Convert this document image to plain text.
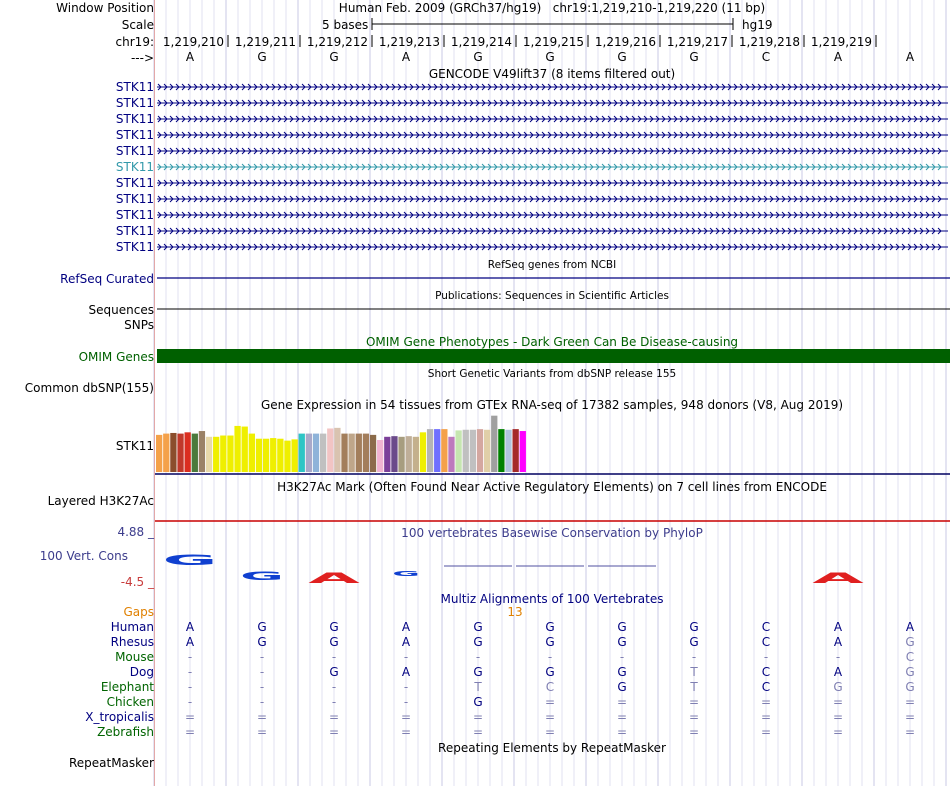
G
G A	G	A
Window Position
Scale
chr19:
--->
STK11
STK11
STK11
STK11
STK11
STK11
STK11
STK11
STK11
STK11
STK11
RefSeq Curated
Sequences
SNPs
OMIM Genes
Common dbSNP(155)
STK11
Layered H3K27Ac
4.88 _
100 Vert. Cons
-4.5 _
Gaps
Human
Rhesus
Mouse
Dog
Elephant
Chicken
X_tropicalis
Zebrafish
RepeatMasker
Human Feb. 2009 (GRCh37/hg19) chr19:1,219,210-1,219,220 (11 bp)
5 bases	hg19
1,219,210 1,219,211 1,219,212 1,219,213 1,219,214 1,219,215 1,219,216 1,219,217 1,219,218 1,219,219
A	G	G	A	G	G	G	G	C	A	A
GENCODE V49lift37 (8 items filtered out)
RefSeq genes from NCBI
Publications: Sequences in Scientific Articles
OMIM Gene Phenotypes - Dark Green Can Be Disease-causing
Short Genetic Variants from dbSNP release 155
Gene Expression in 54 tissues from GTEx RNA-seq of 17382 samples, 948 donors (V8, Aug 2019)
H3K27Ac Mark (Often Found Near Active Regulatory Elements) on 7 cell lines from ENCODE
100 vertebrates Basewise Conservation by PhyloP
Multiz Alignments of 100 Vertebrates
13
A	G	G	A	G	G	G	G	C	A	A
A	G	G	A	G	G	G	G	C	A	G
-	-	-	-	-	-	-	-	-	-	C
-	-	G	A	G	G	G	T	C	A	G
-	-	-	-	T	C	G	T	C	G	G
-	-	-	-	G	=	=	=	=	=	=
=	=	=	=	=	=	=	=	=	=	=
=	=	=	=	=	=	=	=	=	=	=
Repeating Elements by RepeatMasker
